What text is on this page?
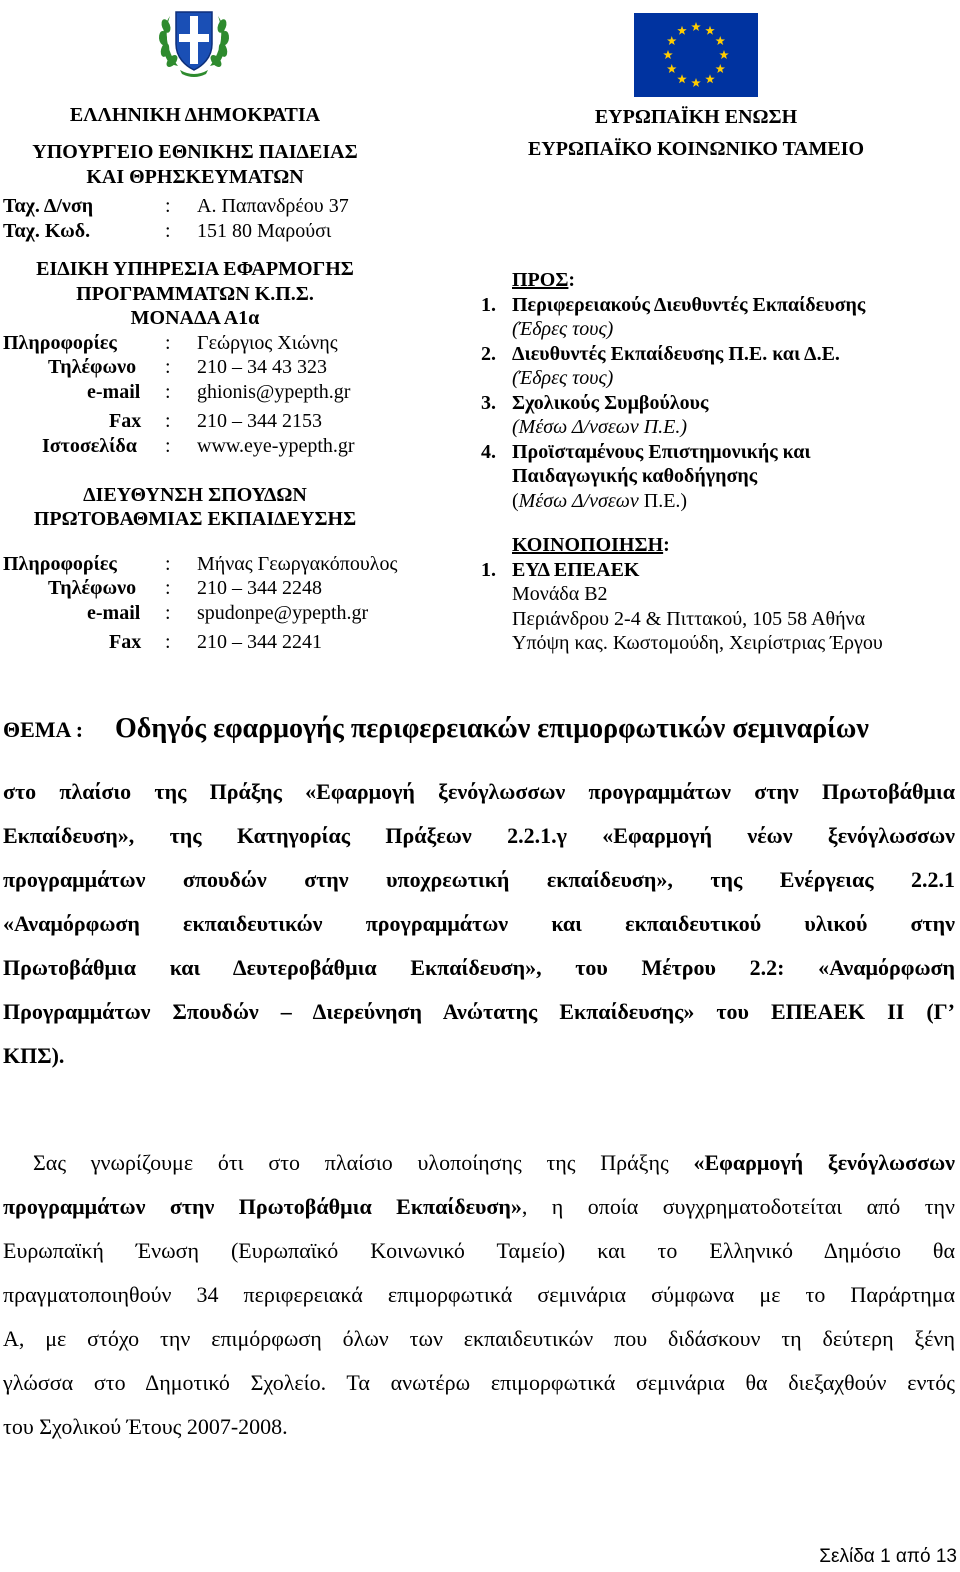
ΕΛΛΗΝΙΚΗ ΔΗΜΟΚΡΑΤΙΑ
ΥΠΟΥΡΓΕΙΟ ΕΘΝΙΚΗΣ ΠΑΙΔΕΙΑΣ
ΚΑΙ ΘΡΗΣΚΕΥΜΑΤΩΝ
Ταχ. Δ/νση	: Α. Παπανδρέου 37
Ταχ. Κωδ.	: 151 80 Μαρούσι
ΕΙΔΙΚΗ ΥΠΗΡΕΣΙΑ ΕΦΑΡΜΟΓΗΣ
ΠΡΟΓΡΑΜΜΑΤΩΝ Κ.Π.Σ.
ΜΟΝΑΔΑ Α1α
Πληροφορίες : Γεώργιος Χιώνης
Τηλέφωνο : 210 – 34 43 323
e-mail : ghionis@ypepth.gr
Fax : 210 – 344 2153
Ιστοσελίδα : www.eye-ypepth.gr
ΔΙΕΥΘΥΝΣΗ ΣΠΟΥΔΩΝ
ΠΡΩΤΟΒΑΘΜΙΑΣ ΕΚΠΑΙΔΕΥΣΗΣ
Πληροφορίες : Μήνας Γεωργακόπουλος
Τηλέφωνο : 210 – 344 2248
e-mail : spudonpe@ypepth.gr
Fax : 210 – 344 2241
ΕΥΡΩΠΑΪΚΗ ΕΝΩΣΗ
ΕΥΡΩΠΑΪΚΟ ΚΟΙΝΩΝΙΚΟ ΤΑΜΕΙΟ
ΠΡΟΣ:
1. Περιφερειακούς Διευθυντές Εκπαίδευσης
(Έδρες τους)
2. Διευθυντές Εκπαίδευσης Π.Ε. και Δ.Ε.
(Έδρες τους)
3. Σχολικούς Συμβούλους
(Μέσω Δ/νσεων Π.Ε.)
4. Προϊσταμένους Επιστημονικής και
Παιδαγωγικής καθοδήγησης
(Μέσω Δ/νσεων Π.Ε.)
ΚΟΙΝΟΠΟΙΗΣΗ:
1. ΕΥΔ ΕΠΕΑΕΚ
Μονάδα Β2
Περιάνδρου 2-4 & Πιττακού, 105 58 Αθήνα
Υπόψη κας. Κωστομούδη, Χειρίστριας Έργου
ΘΕΜΑ : Οδηγός εφαρμογής περιφερειακών επιμορφωτικών σεμιναρίων
στο πλαίσιο της Πράξης «Εφαρμογή ξενόγλωσσων προγραμμάτων στην Πρωτοβάθμια
Εκπαίδευση», της Κατηγορίας Πράξεων 2.2.1.γ «Εφαρμογή νέων ξενόγλωσσων
προγραμμάτων σπουδών στην υποχρεωτική εκπαίδευση», της Ενέργειας 2.2.1
«Αναμόρφωση εκπαιδευτικών προγραμμάτων και εκπαιδευτικού υλικού στην
Πρωτοβάθμια και Δευτεροβάθμια Εκπαίδευση», του Μέτρου 2.2: «Αναμόρφωση
Προγραμμάτων Σπουδών – Διερεύνηση Ανώτατης Εκπαίδευσης» του ΕΠΕΑΕΚ ΙΙ (Γ’
ΚΠΣ).
Σας γνωρίζουμε ότι στο πλαίσιο υλοποίησης της Πράξης «Εφαρμογή ξενόγλωσσων
προγραμμάτων στην Πρωτοβάθμια Εκπαίδευση», η οποία συγχρηματοδοτείται από την
Ευρωπαϊκή Ένωση (Ευρωπαϊκό Κοινωνικό Ταμείο) και το Ελληνικό Δημόσιο θα
πραγματοποιηθούν 34 περιφερειακά επιμορφωτικά σεμινάρια σύμφωνα με το Παράρτημα
Α, με στόχο την επιμόρφωση όλων των εκπαιδευτικών που διδάσκουν τη δεύτερη ξένη
γλώσσα στο Δημοτικό Σχολείο. Τα ανωτέρω επιμορφωτικά σεμινάρια θα διεξαχθούν εντός
του Σχολικού Έτους 2007-2008.
Σελίδα 1 από 13
